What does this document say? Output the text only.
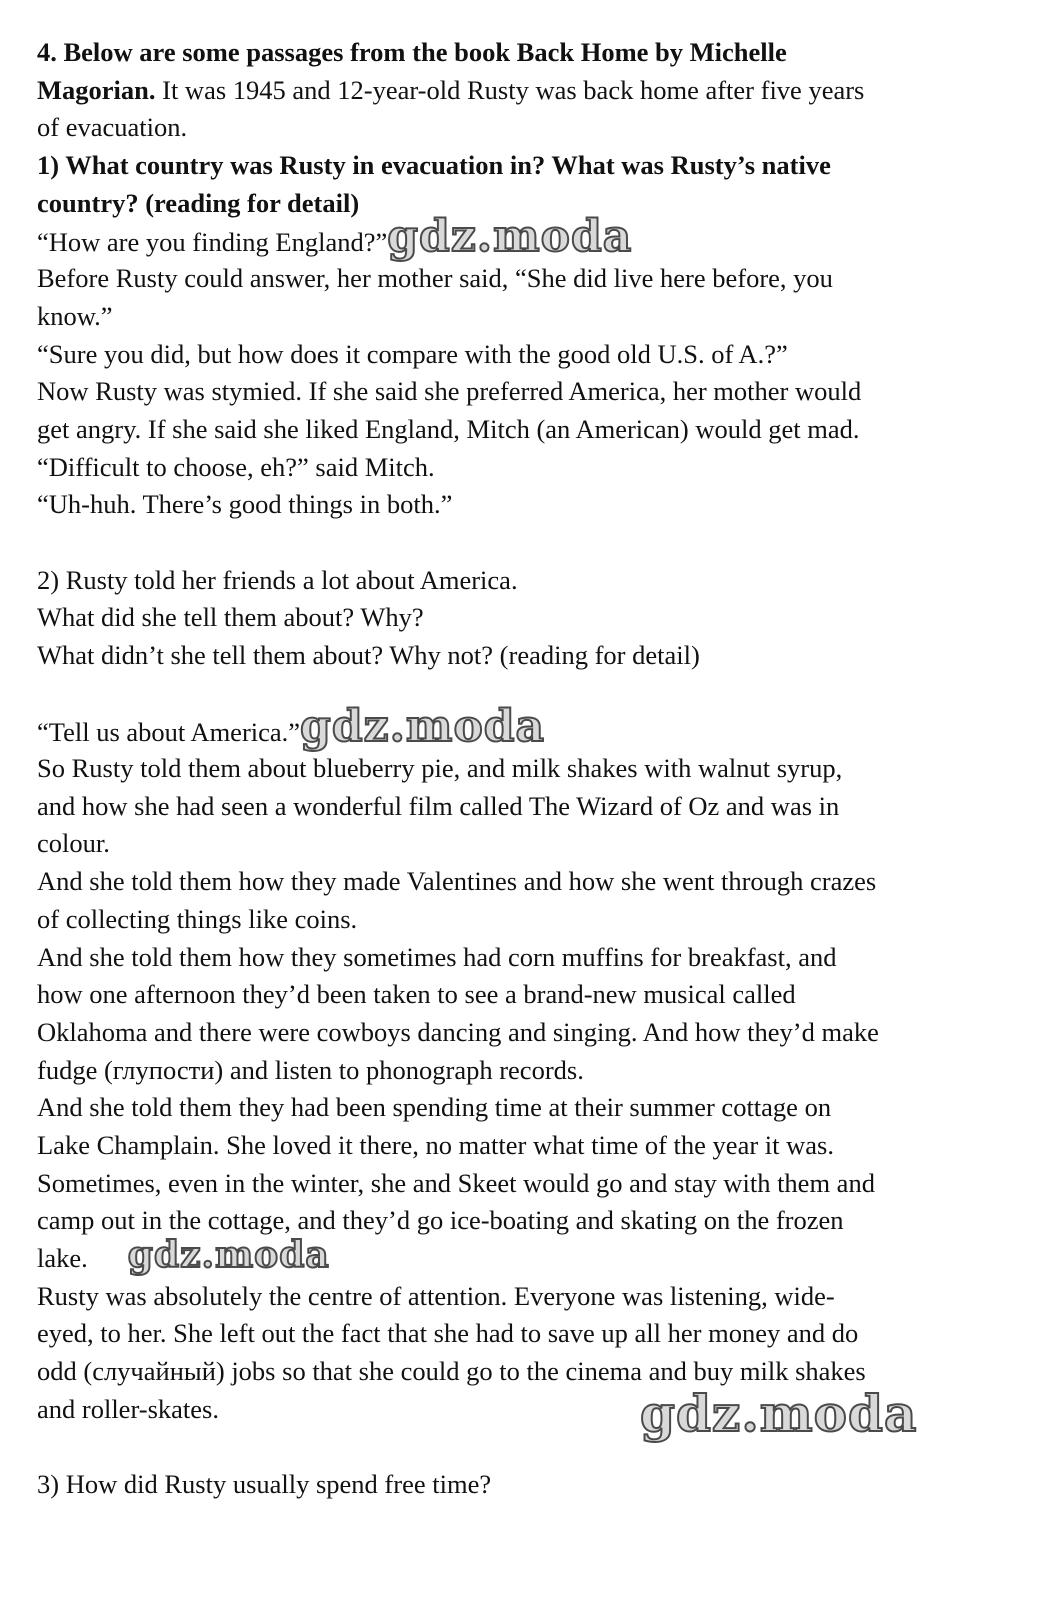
4. Below are some passages from the book Back Home by Michelle
Magorian. It was 1945 and 12-year-old Rusty was back home after five years
of evacuation.
1) What country was Rusty in evacuation in? What was Rusty’s native
country? (reading for detail)
“How are you finding England?”gdz.moda
Before Rusty could answer, her mother said, “She did live here before, you
know.”
“Sure you did, but how does it compare with the good old U.S. of A.?”
Now Rusty was stymied. If she said she preferred America, her mother would
get angry. If she said she liked England, Mitch (an American) would get mad.
“Difficult to choose, eh?” said Mitch.
“Uh-huh. There’s good things in both.”
2) Rusty told her friends a lot about America.
What did she tell them about? Why?
What didn’t she tell them about? Why not? (reading for detail)
“Tell us about America.”gdz.moda
So Rusty told them about blueberry pie, and milk shakes with walnut syrup,
and how she had seen a wonderful film called The Wizard of Oz and was in
colour.
And she told them how they made Valentines and how she went through crazes
of collecting things like coins.
And she told them how they sometimes had corn muffins for breakfast, and
how one afternoon they’d been taken to see a brand-new musical called
Oklahoma and there were cowboys dancing and singing. And how they’d make
fudge (глупости) and listen to phonograph records.
And she told them they had been spending time at their summer cottage on
Lake Champlain. She loved it there, no matter what time of the year it was.
Sometimes, even in the winter, she and Skeet would go and stay with them and
camp out in the cottage, and they’d go ice-boating and skating on the frozen
lake. gdz.moda
Rusty was absolutely the centre of attention. Everyone was listening, wide-
eyed, to her. She left out the fact that she had to save up all her money and do
odd (случайный) jobs so that she could go to the cinema and buy milk shakes
and roller-skates.
3) How did Rusty usually spend free time?
gdz.moda
